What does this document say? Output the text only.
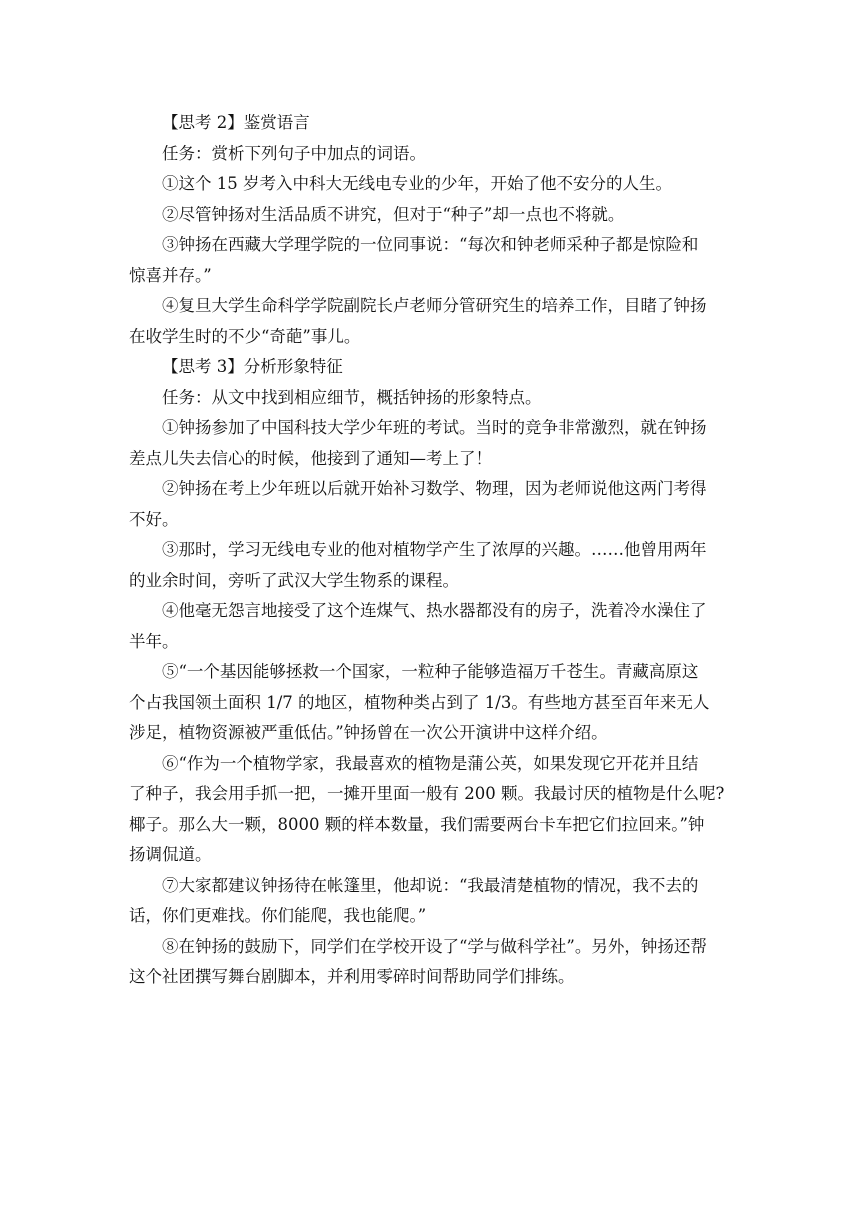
【思考 2】鉴赏语言
任务：赏析下列句子中加点的词语。
①这个 15 岁考入中科大无线电专业的少年，开始了他不安分的人生。
②尽管钟扬对生活品质不讲究，但对于“种子”却一点也不将就。
③钟扬在西藏大学理学院的一位同事说：“每次和钟老师采种子都是惊险和
惊喜并存。”
④复旦大学生命科学学院副院长卢老师分管研究生的培养工作，目睹了钟扬
在收学生时的不少“奇葩”事儿。
【思考 3】分析形象特征
任务：从文中找到相应细节，概括钟扬的形象特点。
①钟扬参加了中国科技大学少年班的考试。当时的竞争非常激烈，就在钟扬
差点儿失去信心的时候，他接到了通知—考上了！
②钟扬在考上少年班以后就开始补习数学、物理，因为老师说他这两门考得
不好。
③那时，学习无线电专业的他对植物学产生了浓厚的兴趣。……他曾用两年
的业余时间，旁听了武汉大学生物系的课程。
④他毫无怨言地接受了这个连煤气、热水器都没有的房子，洗着冷水澡住了
半年。
⑤“一个基因能够拯救一个国家，一粒种子能够造福万千苍生。青藏高原这
个占我国领土面积 1/7 的地区，植物种类占到了 1/3。有些地方甚至百年来无人
涉足，植物资源被严重低估。”钟扬曾在一次公开演讲中这样介绍。
⑥“作为一个植物学家，我最喜欢的植物是蒲公英，如果发现它开花并且结
了种子，我会用手抓一把，一摊开里面一般有 200 颗。我最讨厌的植物是什么呢?
椰子。那么大一颗，8000 颗的样本数量，我们需要两台卡车把它们拉回来。”钟
扬调侃道。
⑦大家都建议钟扬待在帐篷里，他却说：“我最清楚植物的情况，我不去的
话，你们更难找。你们能爬，我也能爬。”
⑧在钟扬的鼓励下，同学们在学校开设了“学与做科学社”。另外，钟扬还帮
这个社团撰写舞台剧脚本，并利用零碎时间帮助同学们排练。
